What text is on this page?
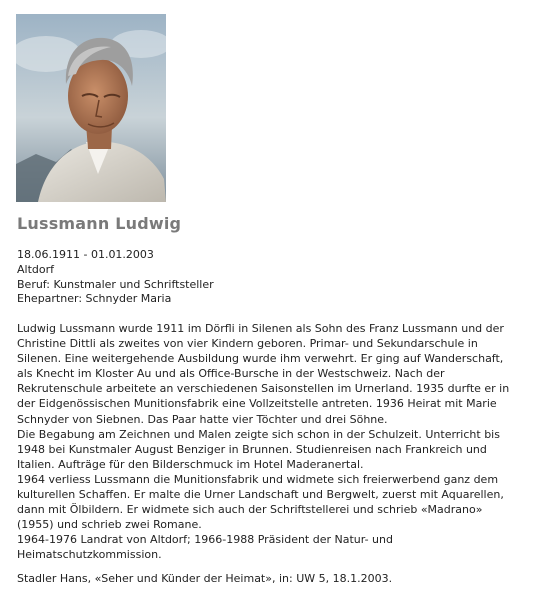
Lussmann Ludwig
18.06.1911 - 01.01.2003
Altdorf
Beruf: Kunstmaler und Schriftsteller
Ehepartner: Schnyder Maria
Ludwig Lussmann wurde 1911 im Dörfli in Silenen als Sohn des Franz Lussmann und der
Christine Dittli als zweites von vier Kindern geboren. Primar- und Sekundarschule in
Silenen. Eine weitergehende Ausbildung wurde ihm verwehrt. Er ging auf Wanderschaft,
als Knecht im Kloster Au und als Office-Bursche in der Westschweiz. Nach der
Rekrutenschule arbeitete an verschiedenen Saisonstellen im Urnerland. 1935 durfte er in
der Eidgenössischen Munitionsfabrik eine Vollzeitstelle antreten. 1936 Heirat mit Marie
Schnyder von Siebnen. Das Paar hatte vier Töchter und drei Söhne.
Die Begabung am Zeichnen und Malen zeigte sich schon in der Schulzeit. Unterricht bis
1948 bei Kunstmaler August Benziger in Brunnen. Studienreisen nach Frankreich und
Italien. Aufträge für den Bilderschmuck im Hotel Maderanertal.
1964 verliess Lussmann die Munitionsfabrik und widmete sich freierwerbend ganz dem
kulturellen Schaffen. Er malte die Urner Landschaft und Bergwelt, zuerst mit Aquarellen,
dann mit Ölbildern. Er widmete sich auch der Schriftstellerei und schrieb «Madrano»
(1955) und schrieb zwei Romane.
1964-1976 Landrat von Altdorf; 1966-1988 Präsident der Natur- und
Heimatschutzkommission.
Stadler Hans, «Seher und Künder der Heimat», in: UW 5, 18.1.2003.
